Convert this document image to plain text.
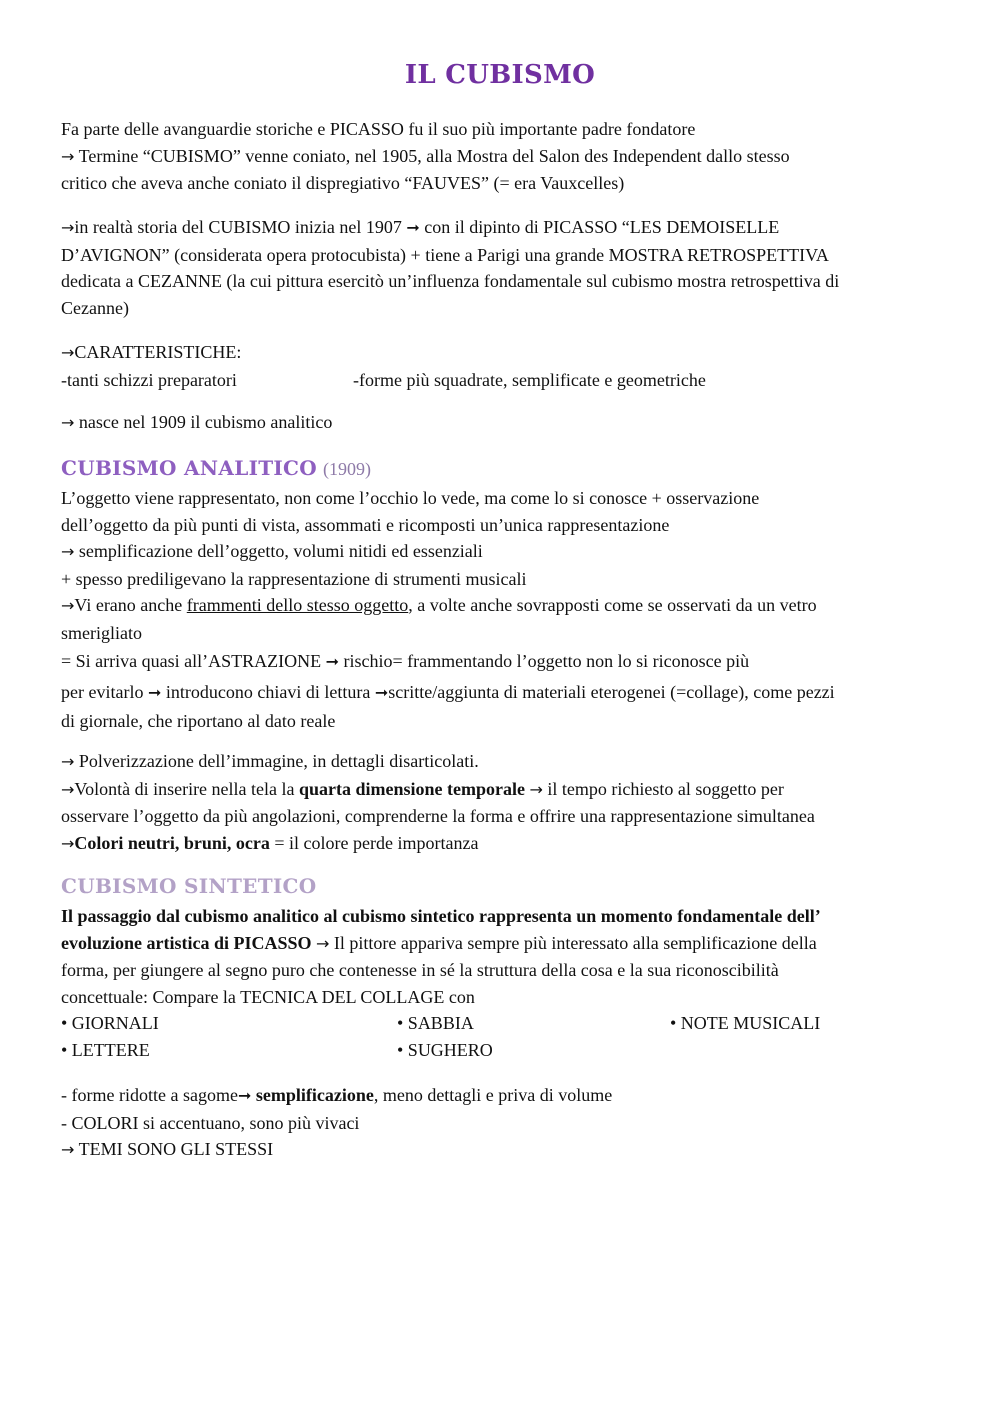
IL CUBISMO
Fa parte delle avanguardie storiche e PICASSO fu il suo più importante padre fondatore
→ Termine “CUBISMO” venne coniato, nel 1905, alla Mostra del Salon des Independent dallo stesso
critico che aveva anche coniato il dispregiativo “FAUVES” (= era Vauxcelles)
→in realtà storia del CUBISMO inizia nel 1907 ➞ con il dipinto di PICASSO “LES DEMOISELLE
D’AVIGNON” (considerata opera protocubista) + tiene a Parigi una grande MOSTRA RETROSPETTIVA
dedicata a CEZANNE (la cui pittura esercitò un’influenza fondamentale sul cubismo mostra retrospettiva di
Cezanne)
→CARATTERISTICHE:
-tanti schizzi preparatori	-forme più squadrate, semplificate e geometriche
→ nasce nel 1909 il cubismo analitico
CUBISMO ANALITICO (1909)
L’oggetto viene rappresentato, non come l’occhio lo vede, ma come lo si conosce + osservazione
dell’oggetto da più punti di vista, assommati e ricomposti un’unica rappresentazione
→ semplificazione dell’oggetto, volumi nitidi ed essenziali
+ spesso prediligevano la rappresentazione di strumenti musicali
→Vi erano anche frammenti dello stesso oggetto, a volte anche sovrapposti come se osservati da un vetro
smerigliato
= Si arriva quasi all’ASTRAZIONE ➞ rischio= frammentando l’oggetto non lo si riconosce più
per evitarlo ➞ introducono chiavi di lettura ➞scritte/aggiunta di materiali eterogenei (=collage), come pezzi
di giornale, che riportano al dato reale
→ Polverizzazione dell’immagine, in dettagli disarticolati.
→Volontà di inserire nella tela la quarta dimensione temporale → il tempo richiesto al soggetto per
osservare l’oggetto da più angolazioni, comprenderne la forma e offrire una rappresentazione simultanea
→Colori neutri, bruni, ocra = il colore perde importanza
CUBISMO SINTETICO
Il passaggio dal cubismo analitico al cubismo sintetico rappresenta un momento fondamentale dell’
evoluzione artistica di PICASSO → Il pittore appariva sempre più interessato alla semplificazione della
forma, per giungere al segno puro che contenesse in sé la struttura della cosa e la sua riconoscibilità
concettuale: Compare la TECNICA DEL COLLAGE con
• GIORNALI	• SABBIA	• NOTE MUSICALI
• LETTERE	• SUGHERO
- forme ridotte a sagome➞ semplificazione, meno dettagli e priva di volume
- COLORI si accentuano, sono più vivaci
→ TEMI SONO GLI STESSI
